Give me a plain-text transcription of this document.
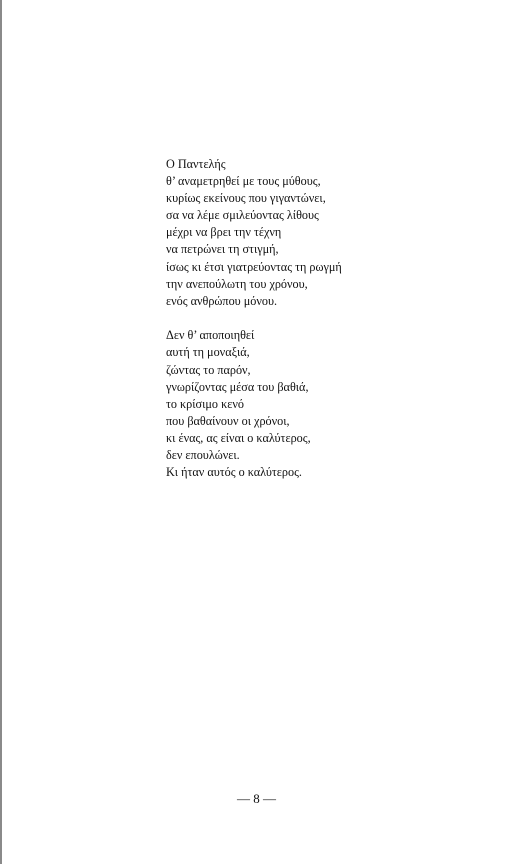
Ο Παντελής
θ’ αναμετρηθεί με τους μύθους,
κυρίως εκείνους που γιγαντώνει,
σα να λέμε σμιλεύοντας λίθους
μέχρι να βρει την τέχνη
να πετρώνει τη στιγμή,
ίσως κι έτσι γιατρεύοντας τη ρωγμή
την ανεπούλωτη του χρόνου,
ενός ανθρώπου μόνου.
Δεν θ’ αποποιηθεί
αυτή τη μοναξιά,
ζώντας το παρόν,
γνωρίζοντας μέσα του βαθιά,
το κρίσιμο κενό
που βαθαίνουν οι χρόνοι,
κι ένας, ας είναι ο καλύτερος,
δεν επουλώνει.
Κι ήταν αυτός ο καλύτερος.
— 8 —
